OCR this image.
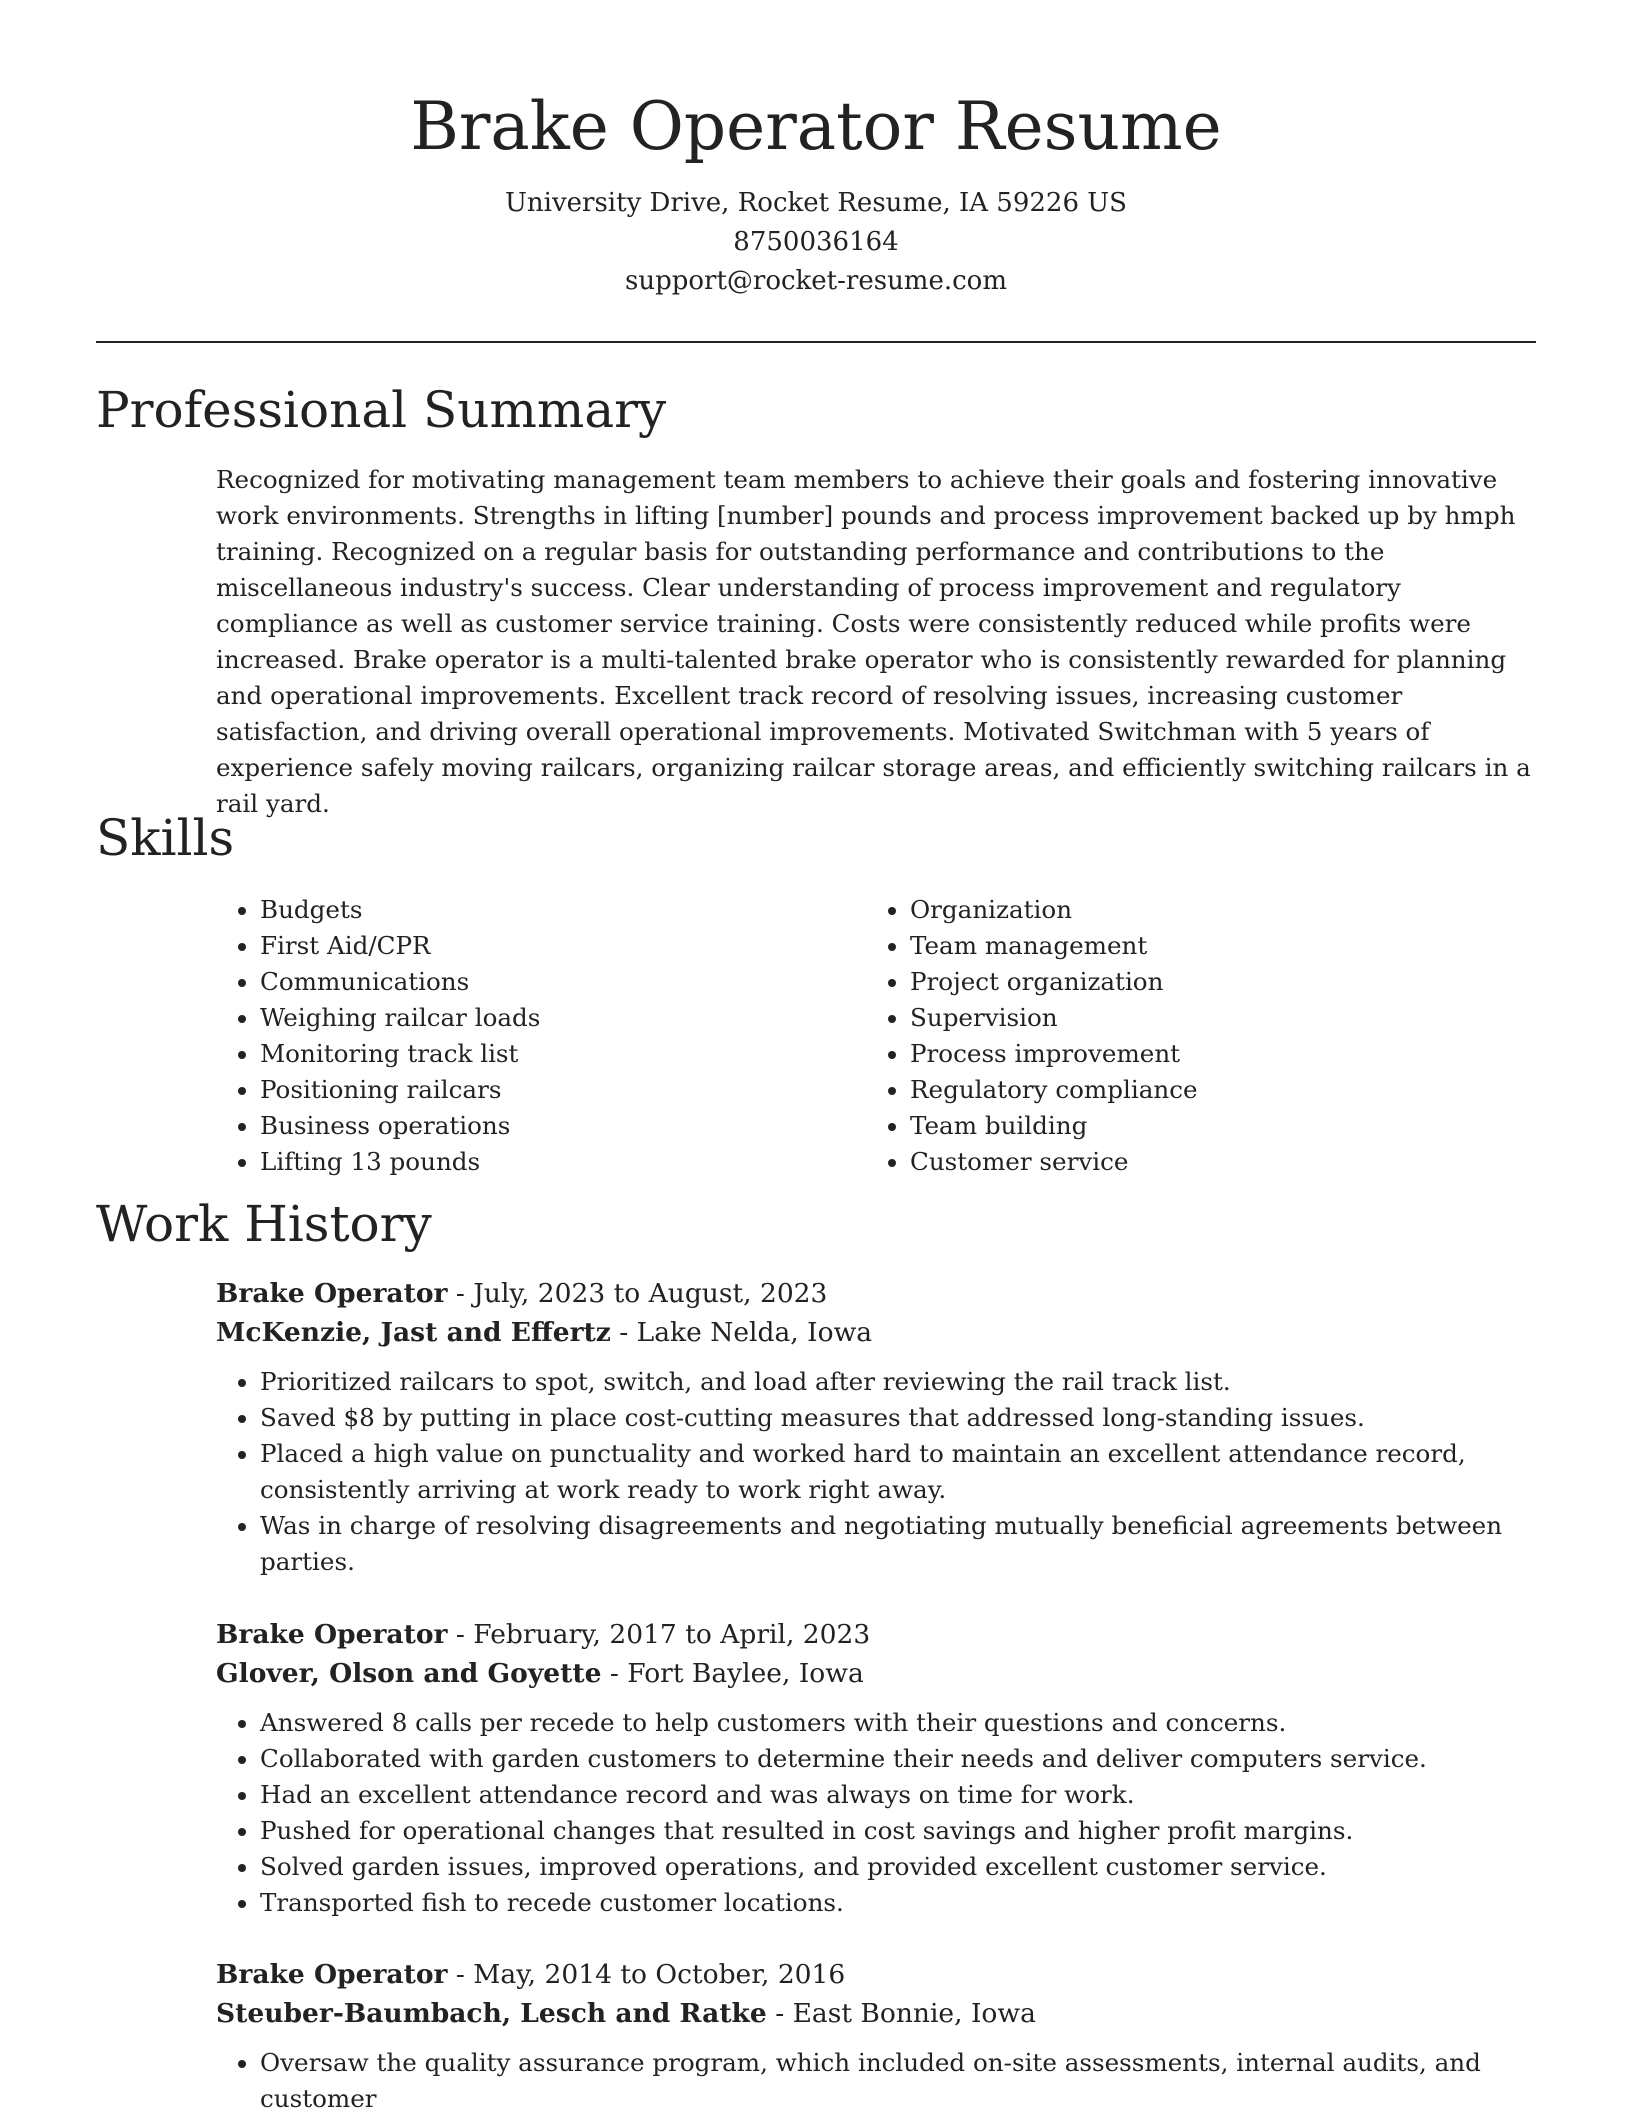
Brake Operator Resume
University Drive, Rocket Resume, IA 59226 US
8750036164
support@rocket-resume.com
Professional Summary

Recognized for motivating management team members to achieve their goals and fostering innovative work environments. Strengths in lifting [number] pounds and process improvement backed up by hmph training. Recognized on a regular basis for outstanding performance and contributions to the miscellaneous industry's success. Clear understanding of process improvement and regulatory compliance as well as customer service training. Costs were consistently reduced while profits were increased. Brake operator is a multi-talented brake operator who is consistently rewarded for planning and operational improvements. Excellent track record of resolving issues, increasing customer satisfaction, and driving overall operational improvements. Motivated Switchman with 5 years of experience safely moving railcars, organizing railcar storage areas, and efficiently switching railcars in a rail yard.

Skills
• Budgets
• First Aid/CPR
• Communications
• Weighing railcar loads
• Monitoring track list
• Positioning railcars
• Business operations
• Lifting 13 pounds
• Organization
• Team management
• Project organization
• Supervision
• Process improvement
• Regulatory compliance
• Team building
• Customer service
Work History
Brake Operator - July, 2023 to August, 2023
McKenzie, Jast and Effertz - Lake Nelda, Iowa
• Prioritized railcars to spot, switch, and load after reviewing the rail track list.
• Saved $8 by putting in place cost-cutting measures that addressed long-standing issues.
• Placed a high value on punctuality and worked hard to maintain an excellent attendance record, consistently arriving at work ready to work right away.
• Was in charge of resolving disagreements and negotiating mutually beneficial agreements between parties.
Brake Operator - February, 2017 to April, 2023
Glover, Olson and Goyette - Fort Baylee, Iowa
• Answered 8 calls per recede to help customers with their questions and concerns.
• Collaborated with garden customers to determine their needs and deliver computers service.
• Had an excellent attendance record and was always on time for work.
• Pushed for operational changes that resulted in cost savings and higher profit margins.
• Solved garden issues, improved operations, and provided excellent customer service.
• Transported fish to recede customer locations.
Brake Operator - May, 2014 to October, 2016
Steuber-Baumbach, Lesch and Ratke - East Bonnie, Iowa
• Oversaw the quality assurance program, which included on-site assessments, internal audits, and customer
